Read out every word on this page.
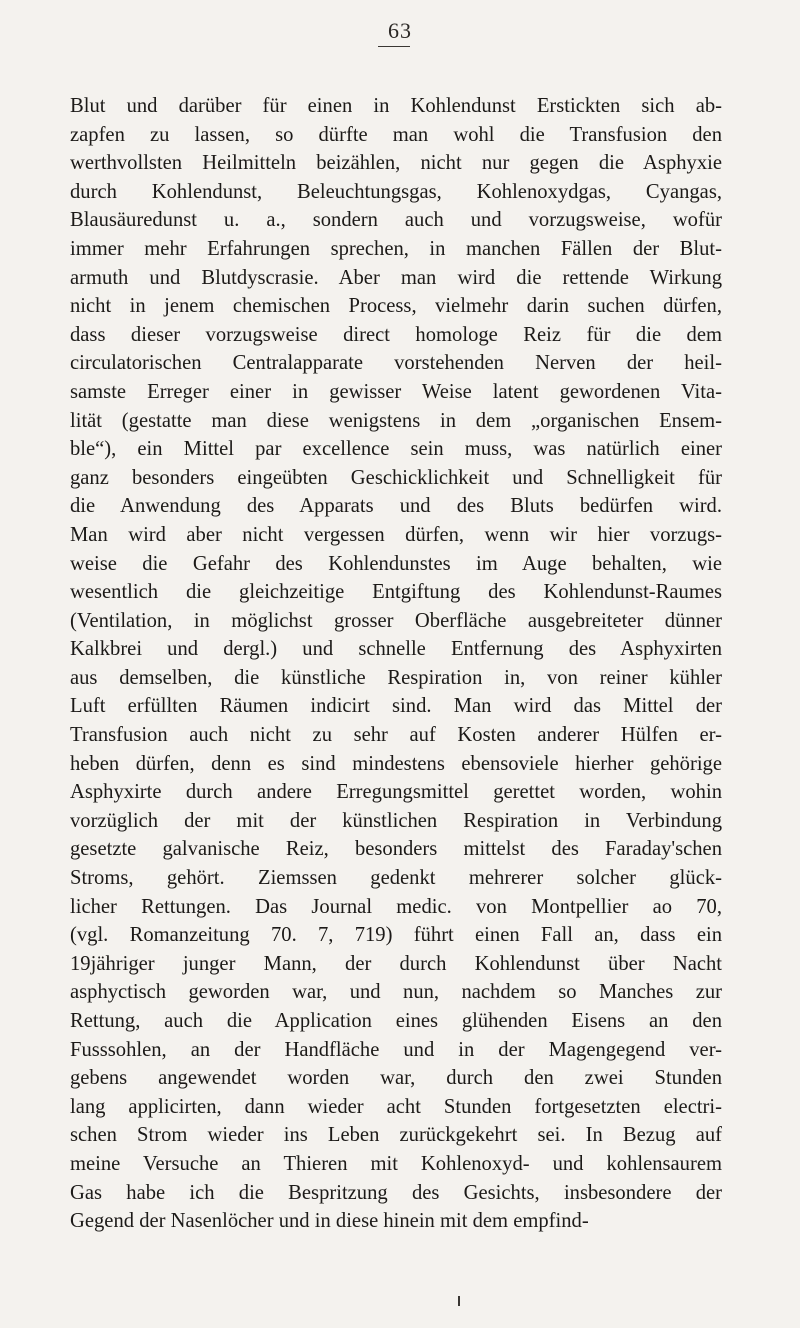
63
Blut und darüber für einen in Kohlendunst Erstickten sich ab-
zapfen zu lassen, so dürfte man wohl die Transfusion den
werthvollsten Heilmitteln beizählen, nicht nur gegen die Asphyxie
durch Kohlendunst, Beleuchtungsgas, Kohlenoxydgas, Cyangas,
Blausäuredunst u. a., sondern auch und vorzugsweise, wofür
immer mehr Erfahrungen sprechen, in manchen Fällen der Blut-
armuth und Blutdyscrasie. Aber man wird die rettende Wirkung
nicht in jenem chemischen Process, vielmehr darin suchen dürfen,
dass dieser vorzugsweise direct homologe Reiz für die dem
circulatorischen Centralapparate vorstehenden Nerven der heil-
samste Erreger einer in gewisser Weise latent gewordenen Vita-
lität (gestatte man diese wenigstens in dem „organischen Ensem-
ble“), ein Mittel par excellence sein muss, was natürlich einer
ganz besonders eingeübten Geschicklichkeit und Schnelligkeit für
die Anwendung des Apparats und des Bluts bedürfen wird.
Man wird aber nicht vergessen dürfen, wenn wir hier vorzugs-
weise die Gefahr des Kohlendunstes im Auge behalten, wie
wesentlich die gleichzeitige Entgiftung des Kohlendunst-Raumes
(Ventilation, in möglichst grosser Oberfläche ausgebreiteter dünner
Kalkbrei und dergl.) und schnelle Entfernung des Asphyxirten
aus demselben, die künstliche Respiration in, von reiner kühler
Luft erfüllten Räumen indicirt sind. Man wird das Mittel der
Transfusion auch nicht zu sehr auf Kosten anderer Hülfen er-
heben dürfen, denn es sind mindestens ebensoviele hierher gehörige
Asphyxirte durch andere Erregungsmittel gerettet worden, wohin
vorzüglich der mit der künstlichen Respiration in Verbindung
gesetzte galvanische Reiz, besonders mittelst des Faraday'schen
Stroms, gehört. Ziemssen gedenkt mehrerer solcher glück-
licher Rettungen. Das Journal medic. von Montpellier ao 70,
(vgl. Romanzeitung 70. 7, 719) führt einen Fall an, dass ein
19jähriger junger Mann, der durch Kohlendunst über Nacht
asphyctisch geworden war, und nun, nachdem so Manches zur
Rettung, auch die Application eines glühenden Eisens an den
Fusssohlen, an der Handfläche und in der Magengegend ver-
gebens angewendet worden war, durch den zwei Stunden
lang applicirten, dann wieder acht Stunden fortgesetzten electri-
schen Strom wieder ins Leben zurückgekehrt sei. In Bezug auf
meine Versuche an Thieren mit Kohlenoxyd- und kohlensaurem
Gas habe ich die Bespritzung des Gesichts, insbesondere der
Gegend der Nasenlöcher und in diese hinein mit dem empfind-
